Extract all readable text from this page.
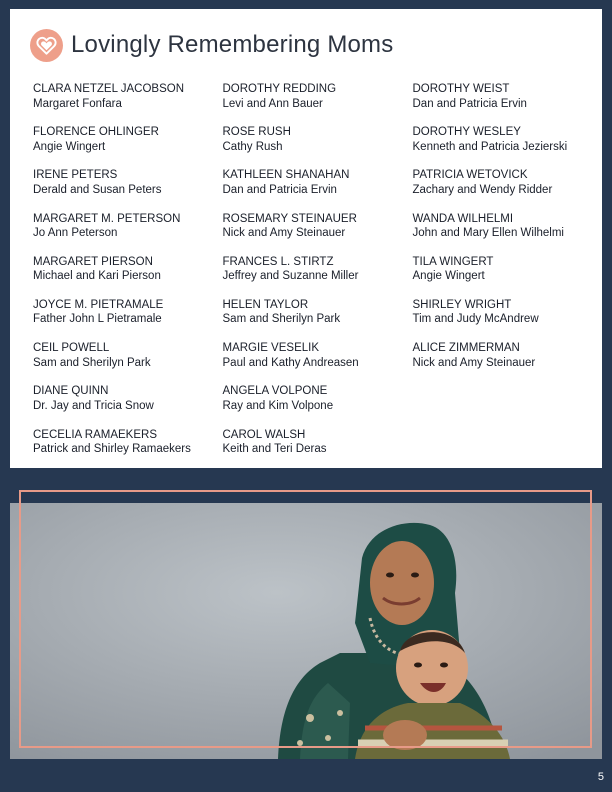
Lovingly Remembering Moms
CLARA NETZEL JACOBSON
Margaret Fonfara
FLORENCE OHLINGER
Angie Wingert
IRENE PETERS
Derald and Susan Peters
MARGARET M. PETERSON
Jo Ann Peterson
MARGARET PIERSON
Michael and Kari Pierson
JOYCE M. PIETRAMALE
Father John L Pietramale
CEIL POWELL
Sam and Sherilyn Park
DIANE QUINN
Dr. Jay and Tricia Snow
CECELIA RAMAEKERS
Patrick and Shirley Ramaekers
DOROTHY REDDING
Levi and Ann Bauer
ROSE RUSH
Cathy Rush
KATHLEEN SHANAHAN
Dan and Patricia Ervin
ROSEMARY STEINAUER
Nick and Amy Steinauer
FRANCES L. STIRTZ
Jeffrey and Suzanne Miller
HELEN TAYLOR
Sam and Sherilyn Park
MARGIE VESELIK
Paul and Kathy Andreasen
ANGELA VOLPONE
Ray and Kim Volpone
CAROL WALSH
Keith and Teri Deras
DOROTHY WEIST
Dan and Patricia Ervin
DOROTHY WESLEY
Kenneth and Patricia Jezierski
PATRICIA WETOVICK
Zachary and Wendy Ridder
WANDA WILHELMI
John and Mary Ellen Wilhelmi
TILA WINGERT
Angie Wingert
SHIRLEY WRIGHT
Tim and Judy McAndrew
ALICE ZIMMERMAN
Nick and Amy Steinauer
5
